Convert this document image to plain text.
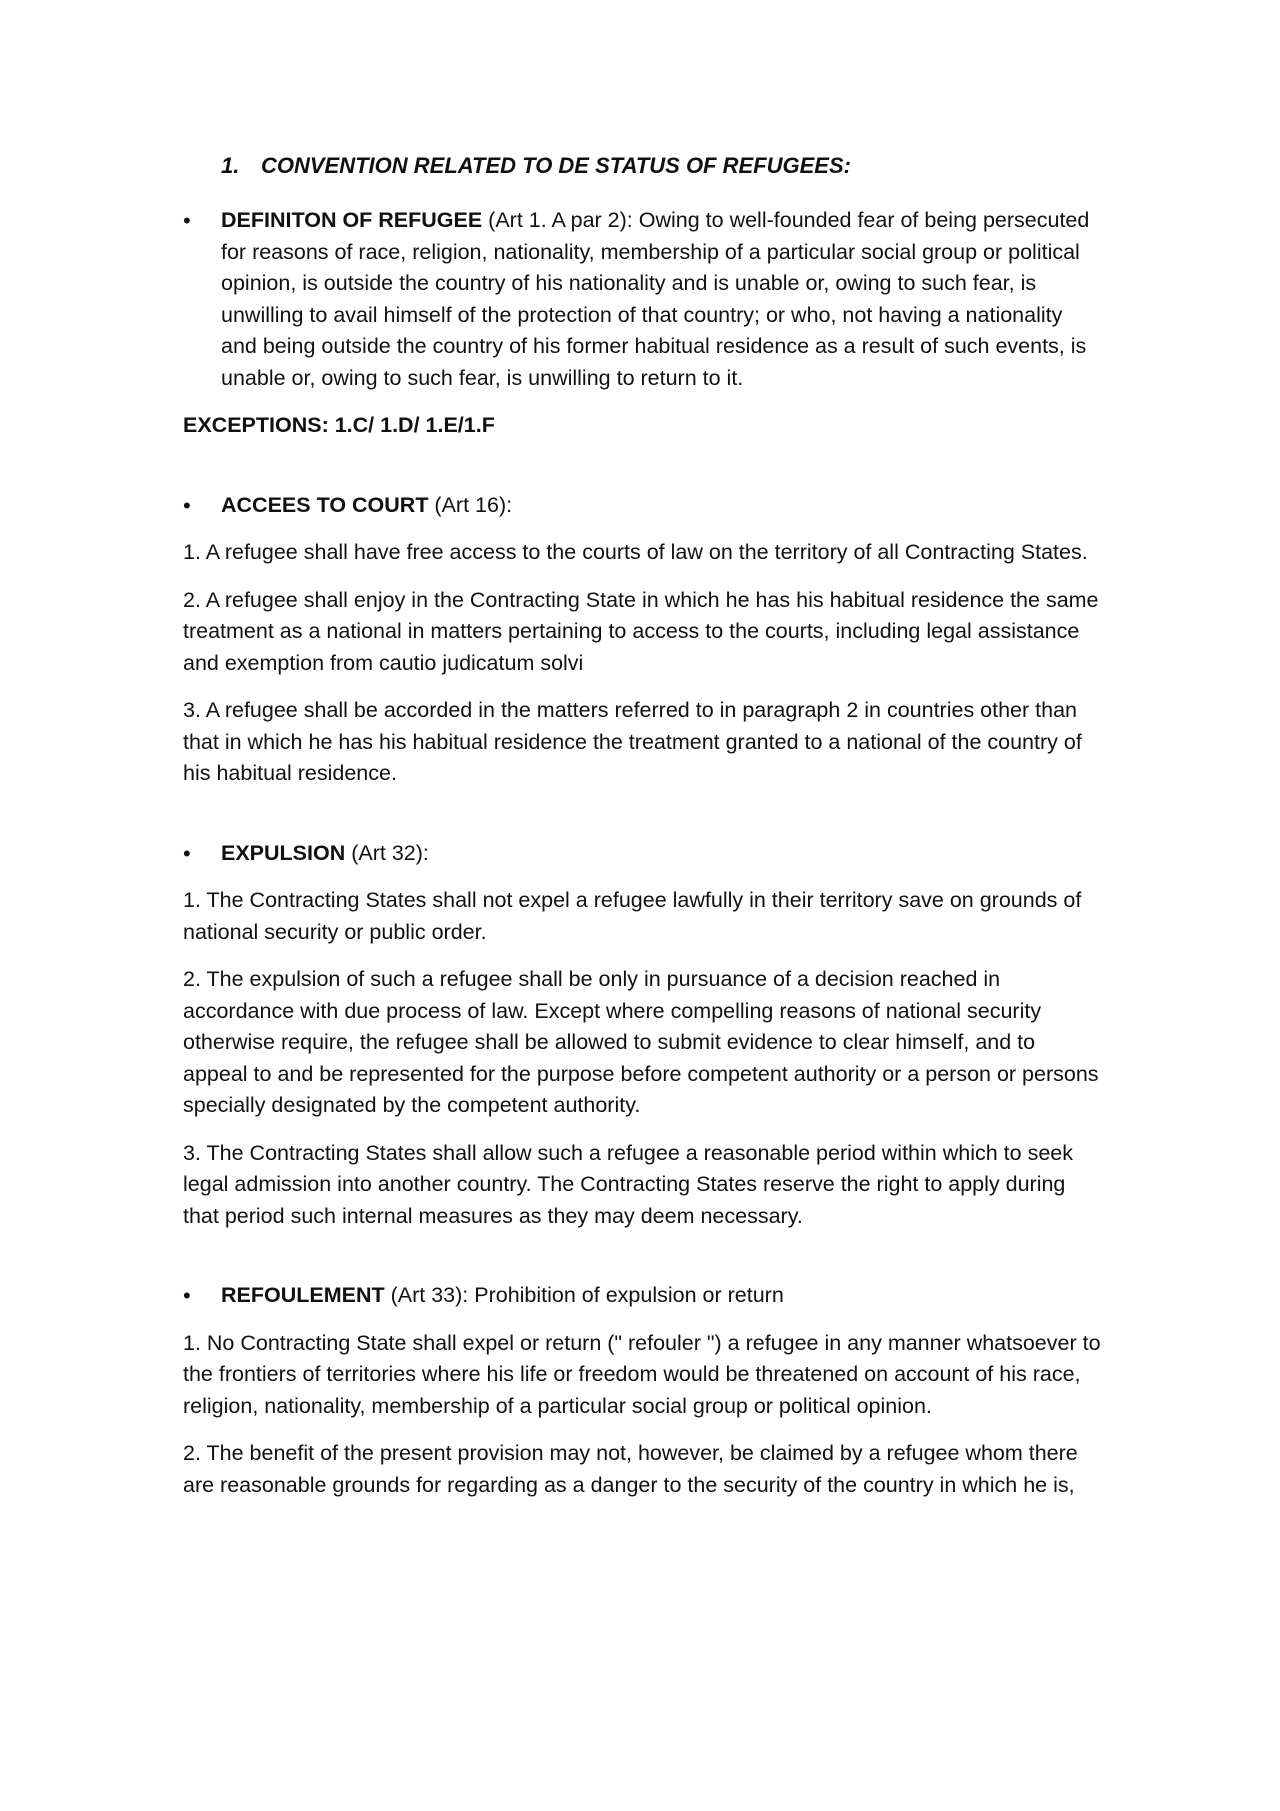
1. CONVENTION RELATED TO DE STATUS OF REFUGEES:
•	DEFINITON OF REFUGEE (Art 1. A par 2): Owing to well-founded fear of being persecuted for reasons of race, religion, nationality, membership of a particular social group or political opinion, is outside the country of his nationality and is unable or, owing to such fear, is unwilling to avail himself of the protection of that country; or who, not having a nationality and being outside the country of his former habitual residence as a result of such events, is unable or, owing to such fear, is unwilling to return to it.
EXCEPTIONS: 1.C/ 1.D/ 1.E/1.F
•	ACCEES TO COURT (Art 16):
1. A refugee shall have free access to the courts of law on the territory of all Contracting States.
2. A refugee shall enjoy in the Contracting State in which he has his habitual residence the same treatment as a national in matters pertaining to access to the courts, including legal assistance and exemption from cautio judicatum solvi
3. A refugee shall be accorded in the matters referred to in paragraph 2 in countries other than that in which he has his habitual residence the treatment granted to a national of the country of his habitual residence.
•	EXPULSION (Art 32):
1. The Contracting States shall not expel a refugee lawfully in their territory save on grounds of national security or public order.
2. The expulsion of such a refugee shall be only in pursuance of a decision reached in accordance with due process of law. Except where compelling reasons of national security otherwise require, the refugee shall be allowed to submit evidence to clear himself, and to appeal to and be represented for the purpose before competent authority or a person or persons specially designated by the competent authority.
3. The Contracting States shall allow such a refugee a reasonable period within which to seek legal admission into another country. The Contracting States reserve the right to apply during that period such internal measures as they may deem necessary.
•	REFOULEMENT (Art 33): Prohibition of expulsion or return
1. No Contracting State shall expel or return (" refouler ") a refugee in any manner whatsoever to the frontiers of territories where his life or freedom would be threatened on account of his race, religion, nationality, membership of a particular social group or political opinion.
2. The benefit of the present provision may not, however, be claimed by a refugee whom there are reasonable grounds for regarding as a danger to the security of the country in which he is,
